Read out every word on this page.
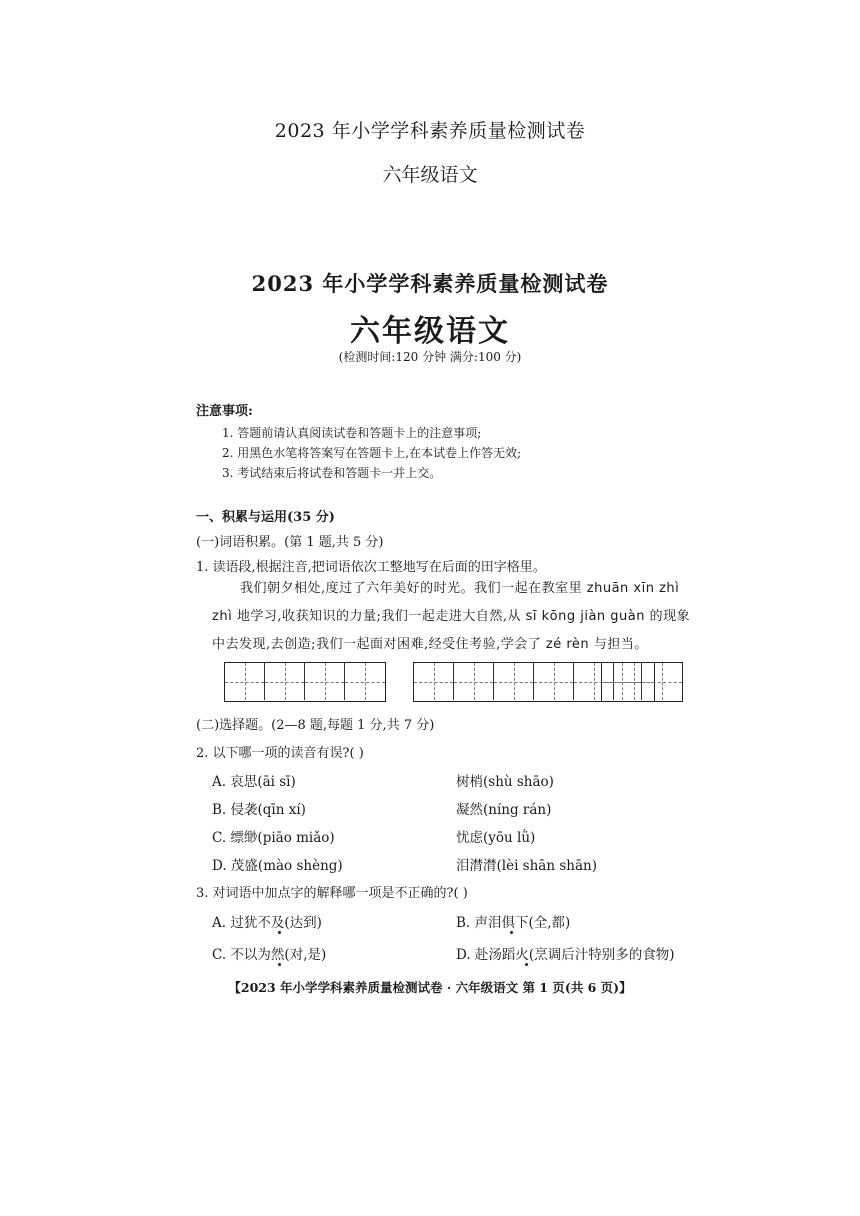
2023 年小学学科素养质量检测试卷
六年级语文
2023 年小学学科素养质量检测试卷
六年级语文
(检测时间:120 分钟 满分:100 分)
注意事项:
1. 答题前请认真阅读试卷和答题卡上的注意事项;
2. 用黑色水笔将答案写在答题卡上,在本试卷上作答无效;
3. 考试结束后将试卷和答题卡一并上交。
一、积累与运用(35 分)
(一)词语积累。(第 1 题,共 5 分)
1. 读语段,根据注音,把词语依次工整地写在后面的田字格里。
我们朝夕相处,度过了六年美好的时光。我们一起在教室里 zhuān xīn zhì
zhì 地学习,收获知识的力量;我们一起走进大自然,从 sī kōng jiàn guàn 的现象
中去发现,去创造;我们一起面对困难,经受住考验,学会了 zé rèn 与担当。
(二)选择题。(2—8 题,每题 1 分,共 7 分)
2. 以下哪一项的读音有误?( )
A. 哀思(āi sī)	树梢(shù shāo)
B. 侵袭(qīn xí)	凝然(níng rán)
C. 缥缈(piāo miǎo)	忧虑(yōu lǜ)
D. 茂盛(mào shèng)	泪潸潸(lèi shān shān)
3. 对词语中加点字的解释哪一项是不正确的?( )
A. 过犹不及(达到)	B. 声泪俱下(全,都)
C. 不以为然(对,是)	D. 赴汤蹈火(烹调后汁特别多的食物)
【2023 年小学学科素养质量检测试卷 · 六年级语文 第 1 页(共 6 页)】
